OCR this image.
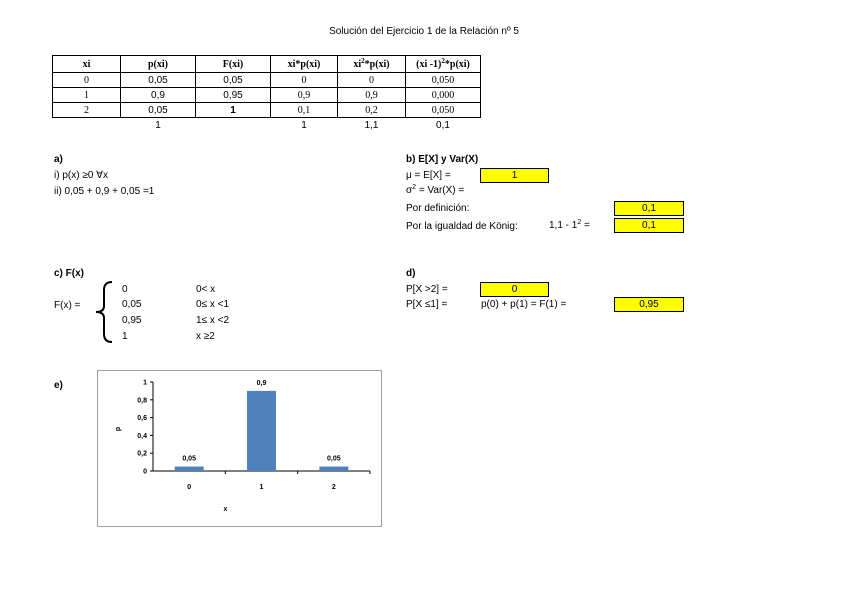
Solución del Ejercicio 1 de la Relación nº 5
xi	p(xi)	F(xi)	xi*p(xi)	$xi^2*p(xi)$	(xi -1)$^2$*p(xi)
0	0,05	0,05	0	0	0,050
1	0,9	0,95	0,9	0,9	0,000
2	0,05	1	0,1	0,2	0,050
	1		1	1,1	0,1
a)
i) p(x) ≥0 ∀x
ii) 0,05 + 0,9 + 0,05 =1
b) E[X] y Var(X)
μ = E[X] =	1
$\sigma^2 = Var(X)$ =
Por definición:	0,1
Por la igualdad de König:	$1,1 - 1^2$ =	0,1
c) F(x)
F(x) =
0	0< x
0,05	0≤ x <1
0,95	1≤ x <2
1	x ≥2
d)
P[X >2] =	0
P[X ≤1] =	p(0) + p(1) = F(1) =	0,95
e)
0
0,2
0,4
0,6
0,8
1
p
0,05
0
0,9
1
0,05
2
x
